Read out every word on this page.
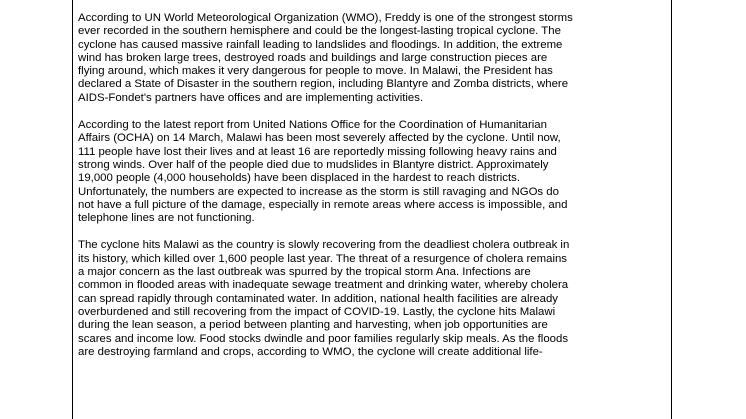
According to UN World Meteorological Organization (WMO), Freddy is one of the strongest storms
ever recorded in the southern hemisphere and could be the longest-lasting tropical cyclone. The
cyclone has caused massive rainfall leading to landslides and floodings. In addition, the extreme
wind has broken large trees, destroyed roads and buildings and large construction pieces are
flying around, which makes it very dangerous for people to move. In Malawi, the President has
declared a State of Disaster in the southern region, including Blantyre and Zomba districts, where
AIDS-Fondet's partners have offices and are implementing activities.

According to the latest report from United Nations Office for the Coordination of Humanitarian
Affairs (OCHA) on 14 March, Malawi has been most severely affected by the cyclone. Until now,
111 people have lost their lives and at least 16 are reportedly missing following heavy rains and
strong winds. Over half of the people died due to mudslides in Blantyre district. Approximately
19,000 people (4,000 households) have been displaced in the hardest to reach districts.
Unfortunately, the numbers are expected to increase as the storm is still ravaging and NGOs do
not have a full picture of the damage, especially in remote areas where access is impossible, and
telephone lines are not functioning.

The cyclone hits Malawi as the country is slowly recovering from the deadliest cholera outbreak in
its history, which killed over 1,600 people last year. The threat of a resurgence of cholera remains
a major concern as the last outbreak was spurred by the tropical storm Ana. Infections are
common in flooded areas with inadequate sewage treatment and drinking water, whereby cholera
can spread rapidly through contaminated water. In addition, national health facilities are already
overburdened and still recovering from the impact of COVID-19. Lastly, the cyclone hits Malawi
during the lean season, a period between planting and harvesting, when job opportunities are
scares and income low. Food stocks dwindle and poor families regularly skip meals. As the floods
are destroying farmland and crops, according to WMO, the cyclone will create additional life-
